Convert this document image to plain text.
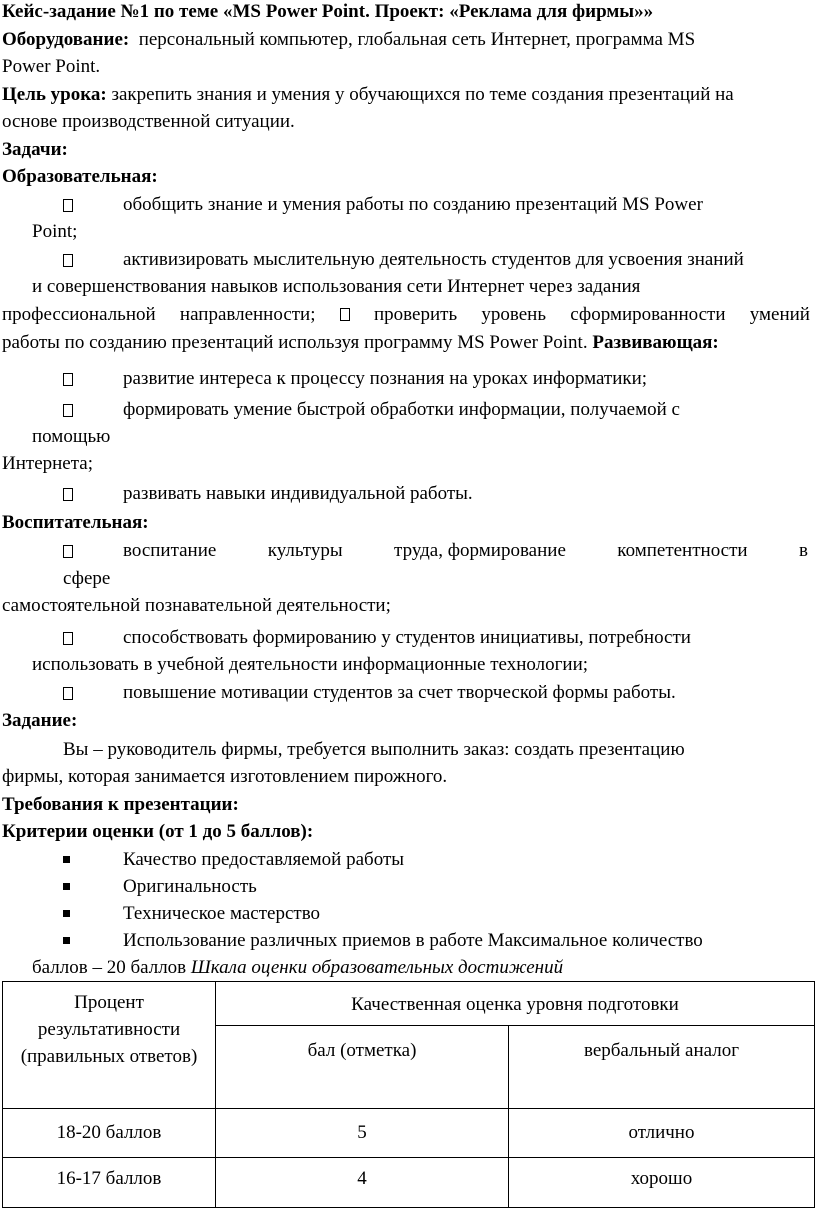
Кейс-задание №1 по теме «MS Power Point. Проект: «Реклама для фирмы»»
Оборудование: персональный компьютер, глобальная сеть Интернет, программа MS
Power Point.
Цель урока: закрепить знания и умения у обучающихся по теме создания презентаций на
основе производственной ситуации.
Задачи:
Образовательная:
обобщить знание и умения работы по созданию презентаций MS Power
Point;
активизировать мыслительную деятельность студентов для усвоения знаний
и совершенствования навыков использования сети Интернет через задания
профессиональной направленности;	проверить уровень сформированности умений
работы по созданию презентаций используя программу MS Power Point. Развивающая:
развитие интереса к процессу познания на уроках информатики;
формировать умение быстрой обработки информации, получаемой с
помощью
Интернета;
развивать навыки индивидуальной работы.
Воспитательная:
воспитание	культуры	труда, формирование	компетентности	в
сфере
самостоятельной познавательной деятельности;
способствовать формированию у студентов инициативы, потребности
использовать в учебной деятельности информационные технологии;
повышение мотивации студентов за счет творческой формы работы.
Задание:
Вы – руководитель фирмы, требуется выполнить заказ: создать презентацию
фирмы, которая занимается изготовлением пирожного.
Требования к презентации:
Критерии оценки (от 1 до 5 баллов):
Качество предоставляемой работы
Оригинальность
Техническое мастерство
Использование различных приемов в работе Максимальное количество
баллов – 20 баллов Шкала оценки образовательных достижений
Процент результативности (правильных ответов)	Качественная оценка уровня подготовки	
	бал (отметка)	вербальный аналог
18-20 баллов	5	отлично
16-17 баллов	4	хорошо
